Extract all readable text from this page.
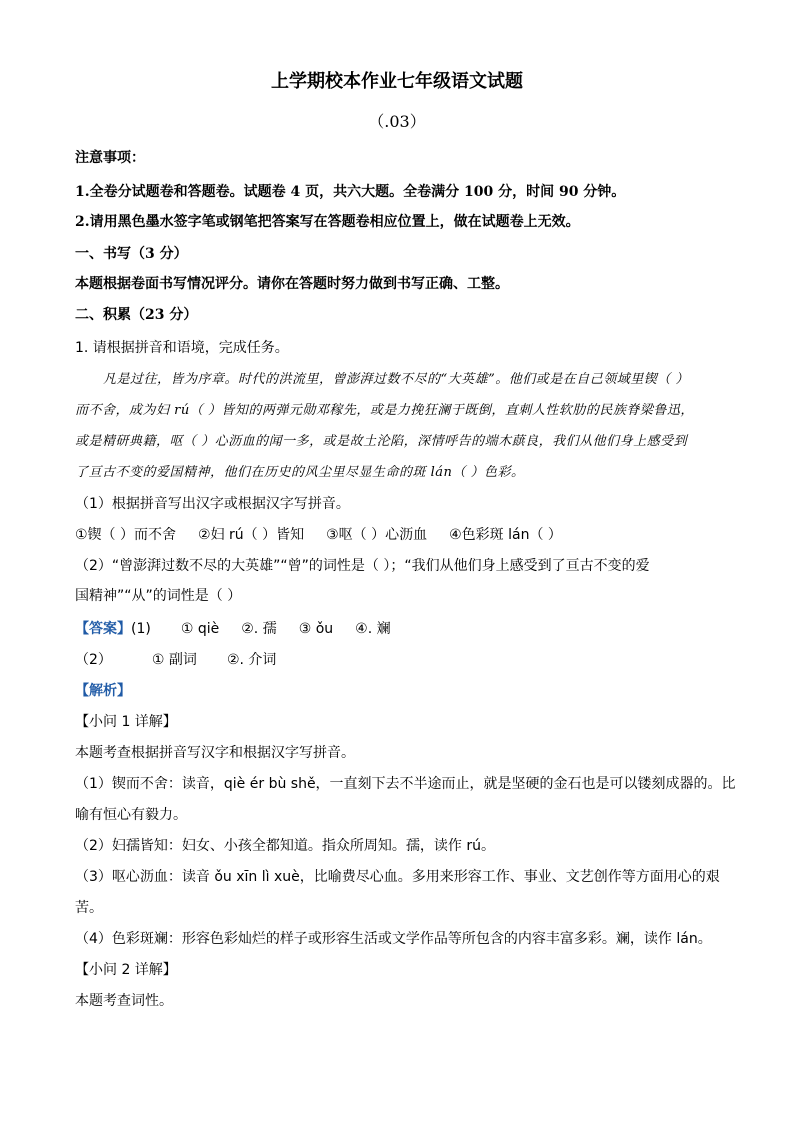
上学期校本作业七年级语文试题
（.03）
注意事项：
1.全卷分试题卷和答题卷。试题卷 4 页，共六大题。全卷满分 100 分，时间 90 分钟。
2.请用黑色墨水签字笔或钢笔把答案写在答题卷相应位置上，做在试题卷上无效。
一、书写（3 分）
本题根据卷面书写情况评分。请你在答题时努力做到书写正确、工整。
二、积累（23 分）
1. 请根据拼音和语境，完成任务。
凡是过往，皆为序章。时代的洪流里，曾澎湃过数不尽的“大英雄”。他们或是在自己领域里锲（ ）
而不舍，成为妇 rú（ ）皆知的两弹元勋邓稼先，或是力挽狂澜于既倒，直刺人性软肋的民族脊梁鲁迅，
或是精研典籍，呕（ ）心沥血的闻一多，或是故土沦陷，深情呼告的端木蕻良，我们从他们身上感受到
了亘古不变的爱国精神，他们在历史的风尘里尽显生命的斑 lán（ ）色彩。
（1）根据拼音写出汉字或根据汉字写拼音。
①锲（ ）而不舍 ②妇 rú（ ）皆知 ③呕（ ）心沥血 ④色彩斑 lán（ ）
（2）“曾澎湃过数不尽的大英雄”“曾”的词性是（ ）；“我们从他们身上感受到了亘古不变的爱
国精神”“从”的词性是（ ）
【答案】(1) ① qiè ②. 孺 ③ ǒu ④. 斓
（2）	① 副词 ②. 介词
【解析】
【小问 1 详解】
本题考查根据拼音写汉字和根据汉字写拼音。
（1）锲而不舍：读音，qiè ér bù shě，一直刻下去不半途而止，就是坚硬的金石也是可以镂刻成器的。比
喻有恒心有毅力。
（2）妇孺皆知：妇女、小孩全都知道。指众所周知。孺，读作 rú。
（3）呕心沥血：读音 ǒu xīn lì xuè，比喻费尽心血。多用来形容工作、事业、文艺创作等方面用心的艰
苦。
（4）色彩斑斓：形容色彩灿烂的样子或形容生活或文学作品等所包含的内容丰富多彩。斓，读作 lán。
【小问 2 详解】
本题考查词性。
